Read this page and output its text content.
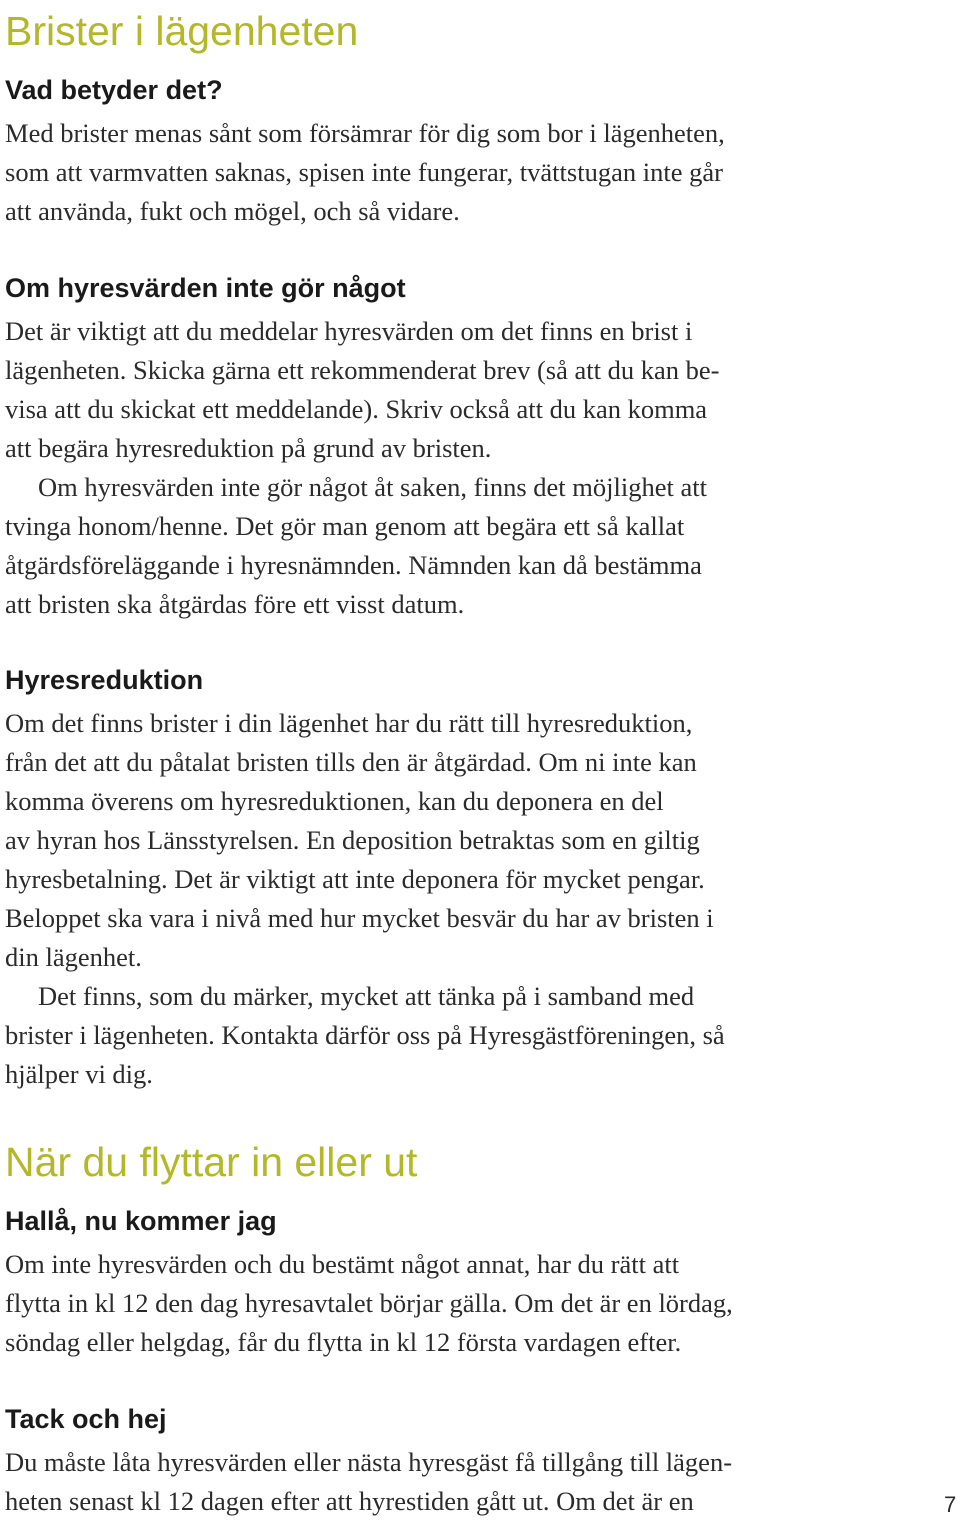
Brister i lägenheten
Vad betyder det?

Med brister menas sånt som försämrar för dig som bor i lägenheten,

som att varmvatten saknas, spisen inte fungerar, tvättstugan inte går

att använda, fukt och mögel, och så vidare.

Om hyresvärden inte gör något

Det är viktigt att du meddelar hyresvärden om det finns en brist i

lägenheten. Skicka gärna ett rekommenderat brev (så att du kan be-

visa att du skickat ett meddelande). Skriv också att du kan komma

att begära hyresreduktion på grund av bristen.

Om hyresvärden inte gör något åt saken, finns det möjlighet att

tvinga honom/henne. Det gör man genom att begära ett så kallat

åtgärdsföreläggande i hyresnämnden. Nämnden kan då bestämma

att bristen ska åtgärdas före ett visst datum.

Hyresreduktion

Om det finns brister i din lägenhet har du rätt till hyresreduktion,

från det att du påtalat bristen tills den är åtgärdad. Om ni inte kan

komma överens om hyresreduktionen, kan du deponera en del

av hyran hos Länsstyrelsen. En deposition betraktas som en giltig

hyresbetalning. Det är viktigt att inte deponera för mycket pengar.

Beloppet ska vara i nivå med hur mycket besvär du har av bristen i

din lägenhet.

Det finns, som du märker, mycket att tänka på i samband med

brister i lägenheten. Kontakta därför oss på Hyresgästföreningen, så

hjälper vi dig.

När du flyttar in eller ut
Hallå, nu kommer jag

Om inte hyresvärden och du bestämt något annat, har du rätt att

flytta in kl 12 den dag hyresavtalet börjar gälla. Om det är en lördag,

söndag eller helgdag, får du flytta in kl 12 första vardagen efter.

Tack och hej

Du måste låta hyresvärden eller nästa hyresgäst få tillgång till lägen-

heten senast kl 12 dagen efter att hyrestiden gått ut. Om det är en	7
